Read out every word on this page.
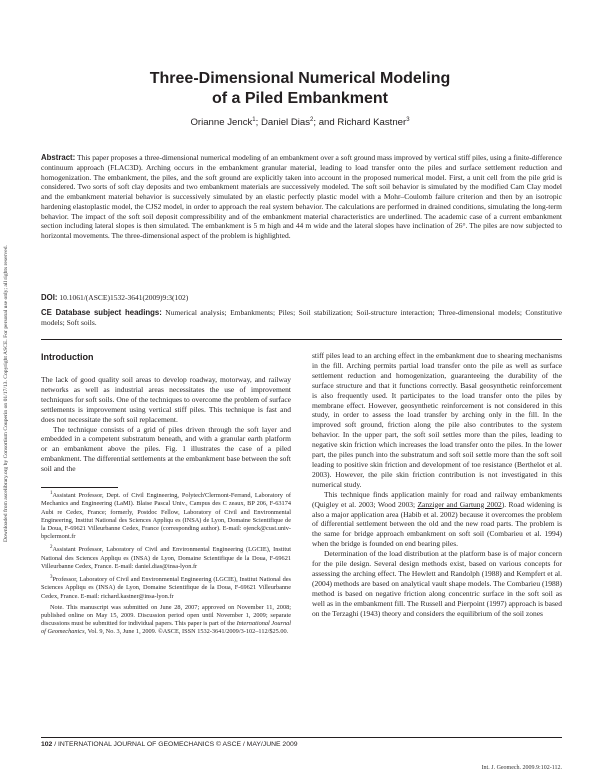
Downloaded from ascelibrary.org by Consortium Couperin on 01/17/13. Copyright ASCE. For personal use only; all rights reserved.
Three-Dimensional Numerical Modeling
of a Piled Embankment
Orianne Jenck$^1$; Daniel Dias$^2$; and Richard Kastner$^3$
Abstract: This paper proposes a three-dimensional numerical modeling of an embankment over a soft ground mass improved by vertical stiff piles, using a finite-difference continuum approach (FLAC3D). Arching occurs in the embankment granular material, leading to load transfer onto the piles and surface settlement reduction and homogenization. The embankment, the piles, and the soft ground are explicitly taken into account in the proposed numerical model. First, a unit cell from the pile grid is considered. Two sorts of soft clay deposits and two embankment materials are successively modeled. The soft soil behavior is simulated by the modified Cam Clay model and the embankment material behavior is successively simulated by an elastic perfectly plastic model with a Mohr–Coulomb failure criterion and then by an isotropic hardening elastoplastic model, the CJS2 model, in order to approach the real system behavior. The calculations are performed in drained conditions, simulating the long-term behavior. The impact of the soft soil deposit compressibility and of the embankment material characteristics are underlined. The academic case of a current embankment section including lateral slopes is then simulated. The embankment is 5 m high and 44 m wide and the lateral slopes have inclination of 26°. The piles are now subjected to horizontal movements. The three-dimensional aspect of the problem is highlighted.
DOI: 10.1061/(ASCE)1532-3641(2009)9:3(102)
CE Database subject headings: Numerical analysis; Embankments; Piles; Soil stabilization; Soil-structure interaction; Three-dimensional models; Constitutive models; Soft soils.
Introduction

The lack of good quality soil areas to develop roadway, motorway, and railway networks as well as industrial areas necessitates the use of improvement techniques for soft soils. One of the techniques to overcome the problem of surface settlements is improvement using vertical stiff piles. This technique is fast and does not necessitate the soft soil replacement.

The technique consists of a grid of piles driven through the soft layer and embedded in a competent substratum beneath, and with a granular earth platform or an embankment above the piles. Fig. 1 illustrates the case of a piled embankment. The differential settlements at the embankment base between the soft soil and the

$^1$Assistant Professor, Dept. of Civil Engineering, Polytech'Clermont-Ferrand, Laboratory of Mechanics and Engineering (LaMI). Blaise Pascal Univ., Campus des C zeaux, BP 206, F-63174 Aubi re Cedex, France; formerly, Postdoc Fellow, Laboratory of Civil and Environmental Engineering, Institut National des Sciences Appliqu es (INSA) de Lyon, Domaine Scientifique de la Doua, F-69621 Villeurbanne Cedex, France (corresponding author). E-mail: ojenck@cust.univ-bpclermont.fr

$^2$Assistant Professor, Laboratory of Civil and Environmental Engineering (LGCIE), Institut National des Sciences Appliqu es (INSA) de Lyon, Domaine Scientifique de la Doua, F-69621 Villeurbanne Cedex, France. E-mail: daniel.dias@insa-lyon.fr

$^3$Professor, Laboratory of Civil and Environmental Engineering (LGCIE), Institut National des Sciences Appliqu es (INSA) de Lyon, Domaine Scientifique de la Doua, F-69621 Villeurbanne Cedex, France. E-mail: richard.kastner@insa-lyon.fr

Note. This manuscript was submitted on June 28, 2007; approved on November 11, 2008; published online on May 15, 2009. Discussion period open until November 1, 2009; separate discussions must be submitted for individual papers. This paper is part of the International Journal of Geomechanics, Vol. 9, No. 3, June 1, 2009. ©ASCE, ISSN 1532-3641/2009/3-102–112/$25.00.

stiff piles lead to an arching effect in the embankment due to shearing mechanisms in the fill. Arching permits partial load transfer onto the pile as well as surface settlement reduction and homogenization, guaranteeing the durability of the surface structure and that it functions correctly. Basal geosynthetic reinforcement is also frequently used. It participates to the load transfer onto the piles by membrane effect. However, geosynthetic reinforcement is not considered in this study, in order to assess the load transfer by arching only in the fill. In the improved soft ground, friction along the pile also contributes to the system behavior. In the upper part, the soft soil settles more than the piles, leading to negative skin friction which increases the load transfer onto the piles. In the lower part, the piles punch into the substratum and soft soil settle more than the soft soil leading to positive skin friction and development of toe resistance (Berthelot et al. 2003). However, the pile skin friction contribution is not investigated in this numerical study.

This technique finds application mainly for road and railway embankments (Quigley et al. 2003; Wood 2003; Zanziger and Gartung 2002). Road widening is also a major application area (Habib et al. 2002) because it overcomes the problem of differential settlement between the old and the new road parts. The problem is the same for bridge approach embankment on soft soil (Combarieu et al. 1994) when the bridge is founded on end bearing piles.

Determination of the load distribution at the platform base is of major concern for the pile design. Several design methods exist, based on various concepts for assessing the arching effect. The Hewlett and Randolph (1988) and Kempfert et al. (2004) methods are based on analytical vault shape models. The Combarieu (1988) method is based on negative friction along concentric surface in the soft soil as well as in the embankment fill. The Russell and Pierpoint (1997) approach is based on the Terzaghi (1943) theory and considers the equilibrium of the soil zones

102 / INTERNATIONAL JOURNAL OF GEOMECHANICS © ASCE / MAY/JUNE 2009
Int. J. Geomech. 2009.9:102-112.
